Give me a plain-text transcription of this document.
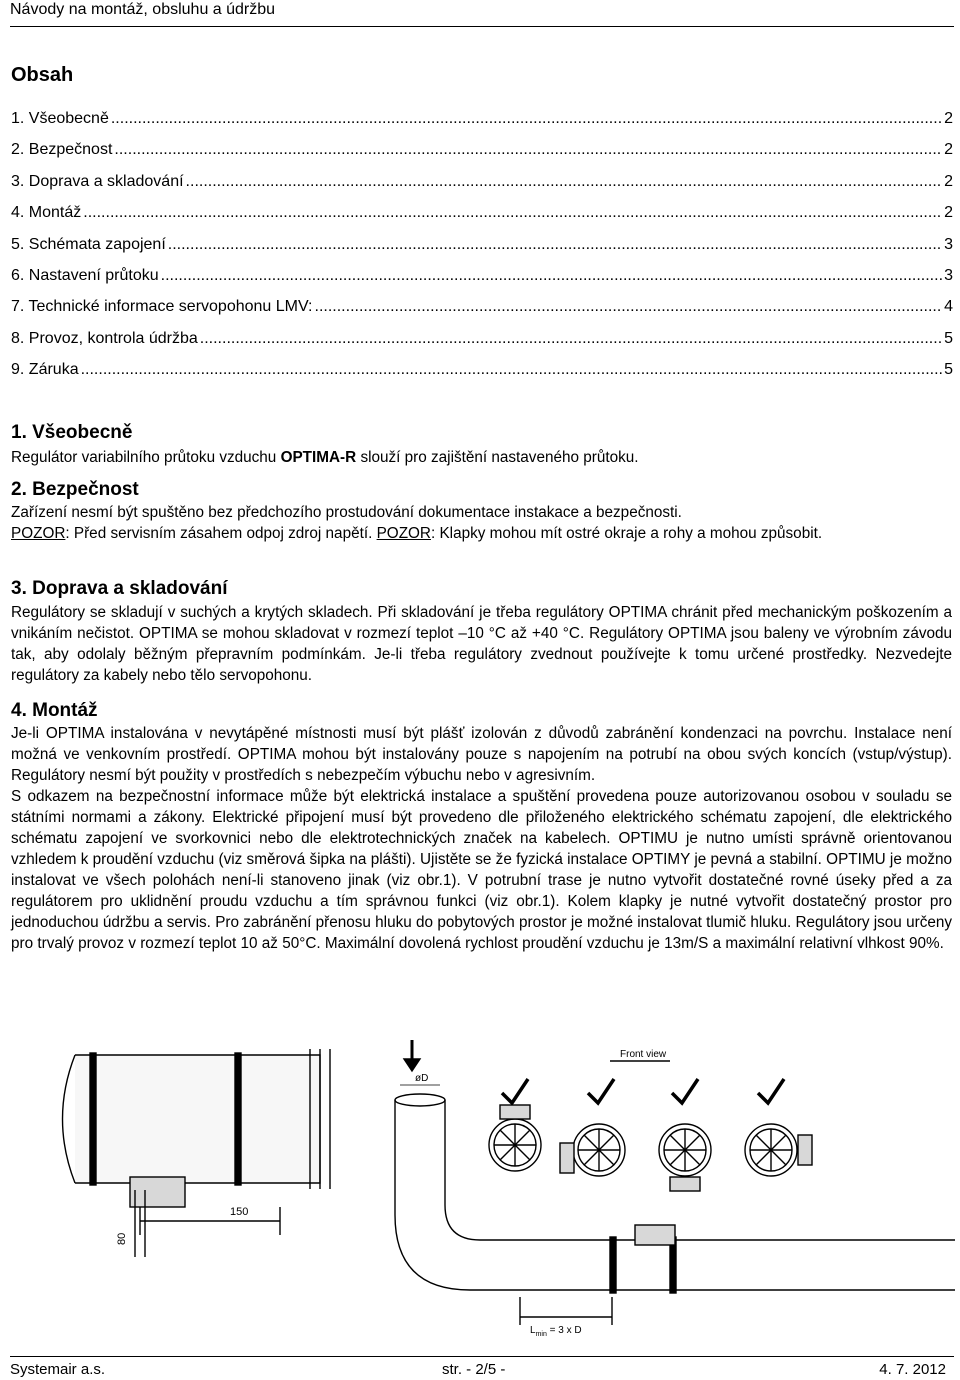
Návody na montáž, obsluhu a údržbu
Obsah
1. Všeobecně .....	2
2. Bezpečnost .....	2
3. Doprava a skladování .....	2
4. Montáž .....	2
5. Schémata zapojení .....	3
6. Nastavení průtoku .....	3
7. Technické informace servopohonu LMV: .....	4
8. Provoz, kontrola údržba .....	5
9. Záruka .....	5
1. Všeobecně

Regulátor variabilního průtoku vzduchu OPTIMA-R slouží pro zajištění nastaveného průtoku.

2. Bezpečnost

Zařízení nesmí být spuštěno bez předchozího prostudování dokumentace instakace a bezpečnosti.

POZOR: Před servisním zásahem odpoj zdroj napětí. POZOR: Klapky mohou mít ostré okraje a rohy a mohou způsobit.

3. Doprava a skladování

Regulátory se skladují v suchých a krytých skladech. Při skladování je třeba regulátory OPTIMA chránit před mechanickým poškozením a vnikáním nečistot. OPTIMA se mohou skladovat v rozmezí teplot –10 °C až +40 °C. Regulátory OPTIMA jsou baleny ve výrobním závodu tak, aby odolaly běžným přepravním podmínkám. Je-li třeba regulátory zvednout používejte k tomu určené prostředky. Nezvedejte regulátory za kabely nebo tělo servopohonu.

4. Montáž

Je-li OPTIMA instalována v nevytápěné místnosti musí být plášť izolován z důvodů zabránění kondenzaci na povrchu. Instalace není možná ve venkovním prostředí. OPTIMA mohou být instalovány pouze s napojením na potrubí na obou svých koncích (vstup/výstup). Regulátory nesmí být použity v prostředích s nebezpečím výbuchu nebo v agresivním.

S odkazem na bezpečnostní informace může být elektrická instalace a spuštění provedena pouze autorizovanou osobou v souladu se státními normami a zákony. Elektrické připojení musí být provedeno dle přiloženého elektrického schématu zapojení, dle elektrického schématu zapojení ve svorkovnici nebo dle elektrotechnických značek na kabelech. OPTIMU je nutno umísti správně orientovanou vzhledem k proudění vzduchu (viz směrová šipka na plášti). Ujistěte se že fyzická instalace OPTIMY je pevná a stabilní. OPTIMU je možno instalovat ve všech polohách není-li stanoveno jinak (viz obr.1). V potrubní trase je nutno vytvořit dostatečné rovné úseky před a za regulátorem pro uklidnění proudu vzduchu a tím správnou funkci (viz obr.1). Kolem klapky je nutné vytvořit dostatečný prostor pro jednoduchou údržbu a servis. Pro zabránění přenosu hluku do pobytových prostor je možné instalovat tlumič hluku. Regulátory jsou určeny pro trvalý provoz v rozmezí teplot 10 až 50°C. Maximální dovolená rychlost proudění vzduchu je 13m/S a maximální relativní vlhkost 90%.

150
80
Front view
øD
$L_{min} = 3$ x D
Systemair a.s.	str. - 2/5 -	4. 7. 2012
